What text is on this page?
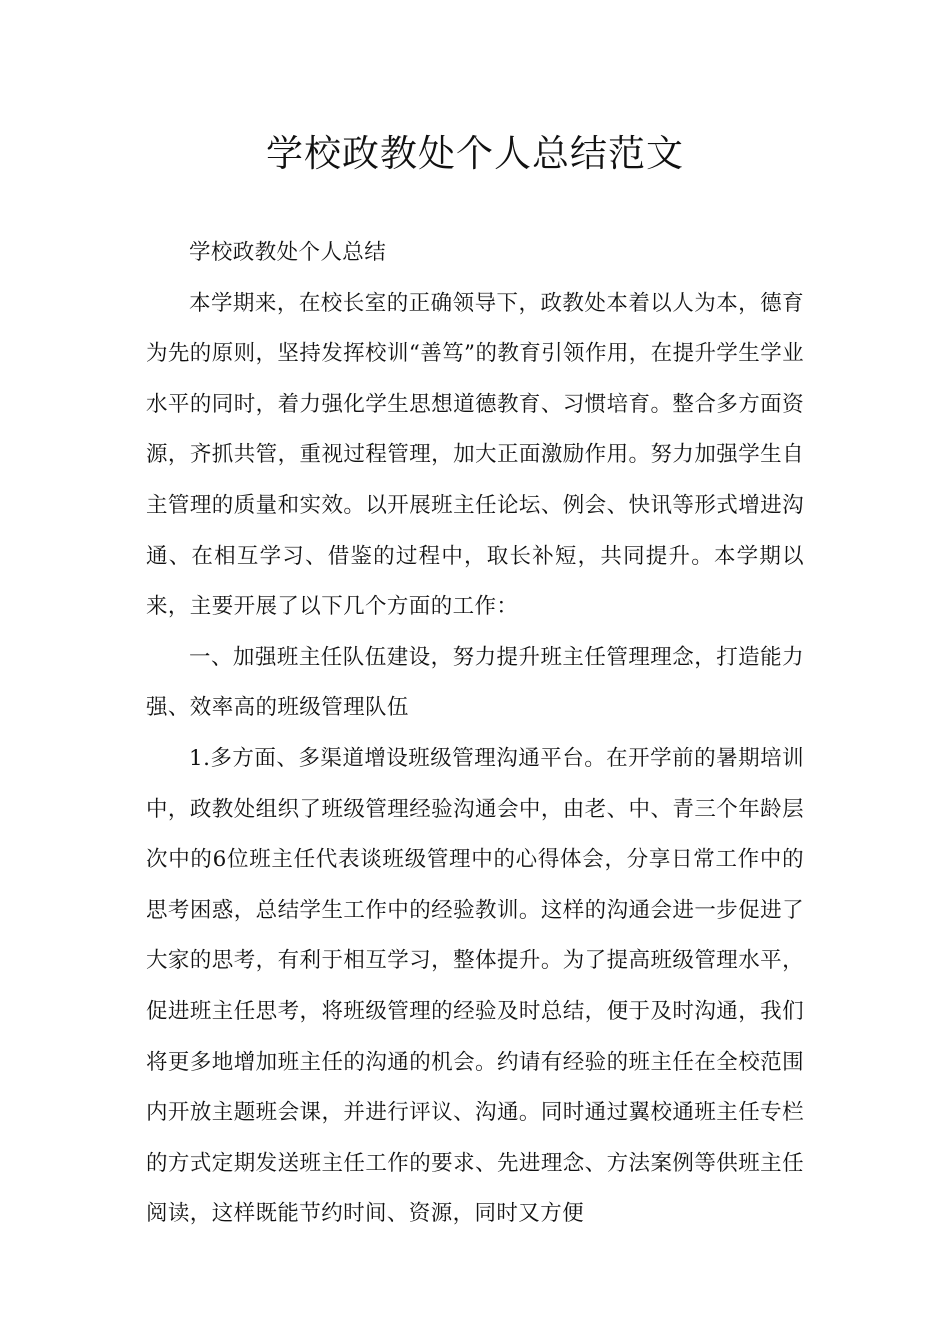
学校政教处个人总结范文

学校政教处个人总结

本学期来，在校长室的正确领导下，政教处本着以人为本，德育为先的原则，坚持发挥校训“善笃”的教育引领作用，在提升学生学业水平的同时，着力强化学生思想道德教育、习惯培育。整合多方面资源，齐抓共管，重视过程管理，加大正面激励作用。努力加强学生自主管理的质量和实效。以开展班主任论坛、例会、快讯等形式增进沟通、在相互学习、借鉴的过程中，取长补短，共同提升。本学期以来，主要开展了以下几个方面的工作：

一、加强班主任队伍建设，努力提升班主任管理理念，打造能力强、效率高的班级管理队伍

1.多方面、多渠道增设班级管理沟通平台。在开学前的暑期培训中，政教处组织了班级管理经验沟通会中，由老、中、青三个年龄层次中的6位班主任代表谈班级管理中的心得体会，分享日常工作中的思考困惑，总结学生工作中的经验教训。这样的沟通会进一步促进了大家的思考，有利于相互学习，整体提升。为了提高班级管理水平，促进班主任思考，将班级管理的经验及时总结，便于及时沟通，我们将更多地增加班主任的沟通的机会。约请有经验的班主任在全校范围内开放主题班会课，并进行评议、沟通。同时通过翼校通班主任专栏的方式定期发送班主任工作的要求、先进理念、方法案例等供班主任阅读，这样既能节约时间、资源，同时又方便
